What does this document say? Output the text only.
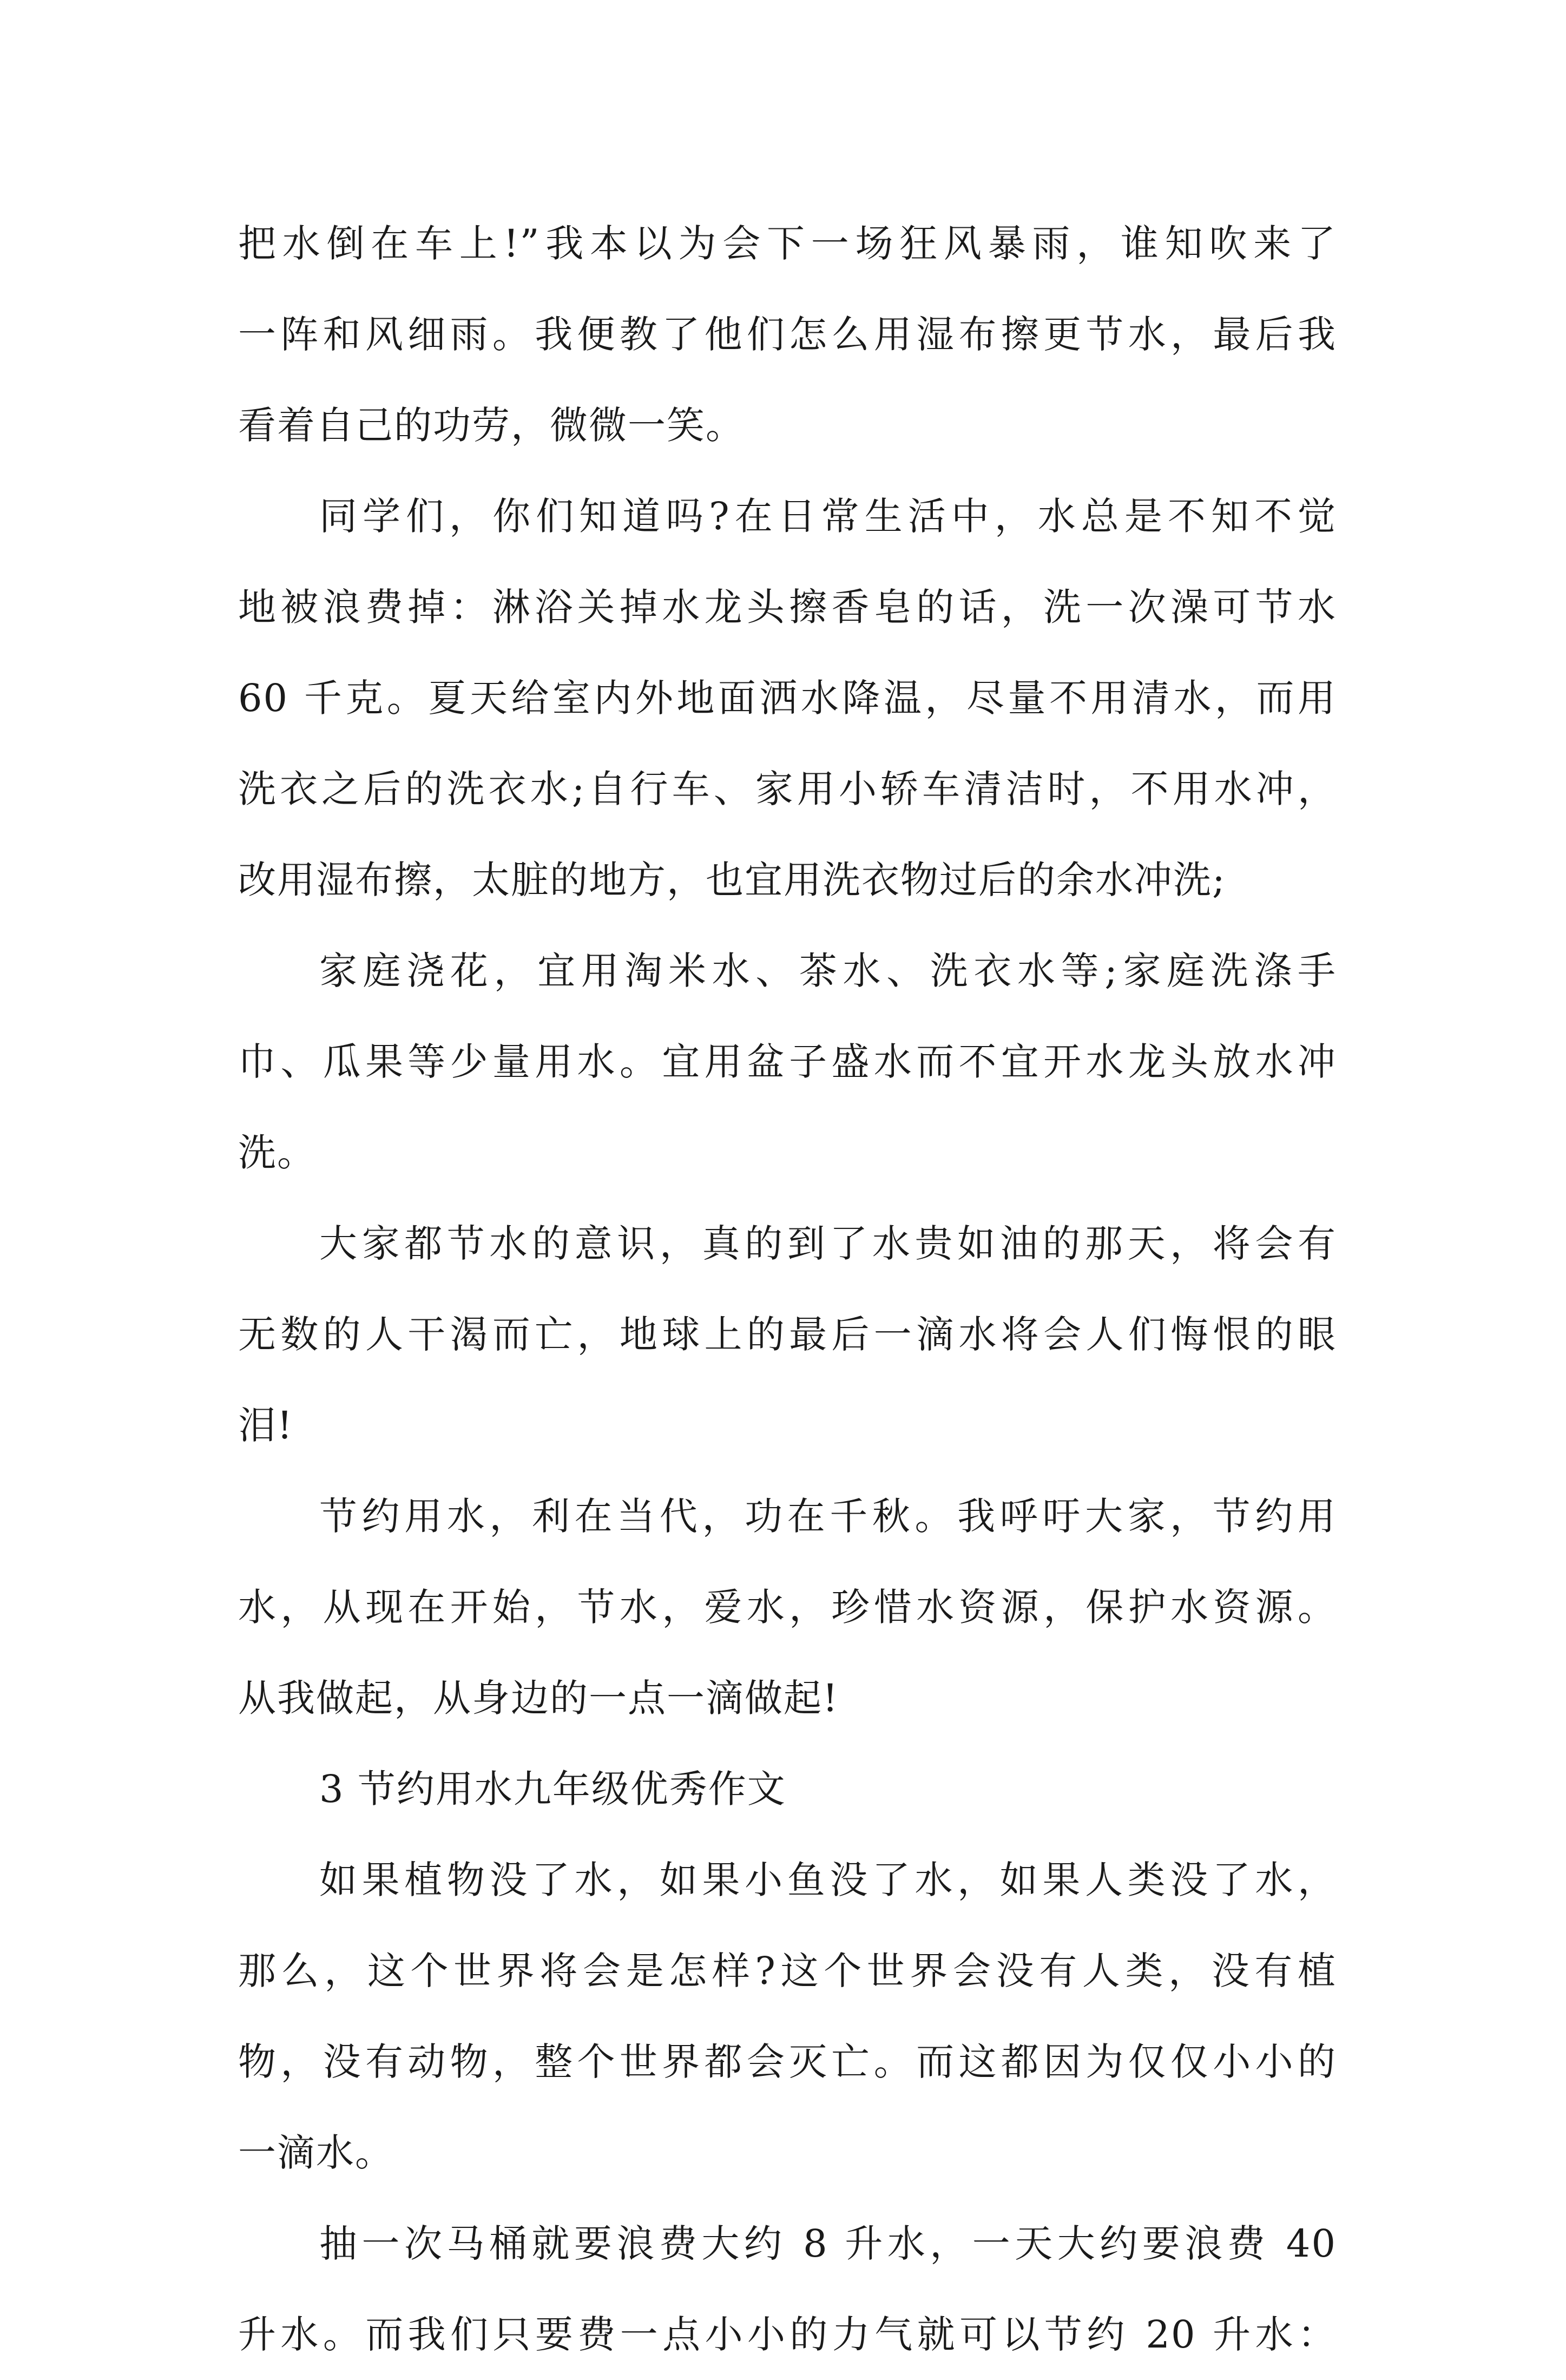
把水倒在车上!”我本以为会下一场狂风暴雨，谁知吹来了
一阵和风细雨。我便教了他们怎么用湿布擦更节水，最后我
看着自己的功劳，微微一笑。
同学们，你们知道吗?在日常生活中，水总是不知不觉
地被浪费掉：淋浴关掉水龙头擦香皂的话，洗一次澡可节水
60 千克。夏天给室内外地面洒水降温，尽量不用清水，而用
洗衣之后的洗衣水;自行车、家用小轿车清洁时，不用水冲，
改用湿布擦，太脏的地方，也宜用洗衣物过后的余水冲洗;
家庭浇花，宜用淘米水、茶水、洗衣水等;家庭洗涤手
巾、瓜果等少量用水。宜用盆子盛水而不宜开水龙头放水冲
洗。
大家都节水的意识，真的到了水贵如油的那天，将会有
无数的人干渴而亡，地球上的最后一滴水将会人们悔恨的眼
泪!
节约用水，利在当代，功在千秋。我呼吁大家，节约用
水，从现在开始，节水，爱水，珍惜水资源，保护水资源。
从我做起，从身边的一点一滴做起!
3 节约用水九年级优秀作文
如果植物没了水，如果小鱼没了水，如果人类没了水，
那么，这个世界将会是怎样?这个世界会没有人类，没有植
物，没有动物，整个世界都会灭亡。而这都因为仅仅小小的
一滴水。
抽一次马桶就要浪费大约 8 升水，一天大约要浪费 40
升水。而我们只要费一点小小的力气就可以节约 20 升水：
